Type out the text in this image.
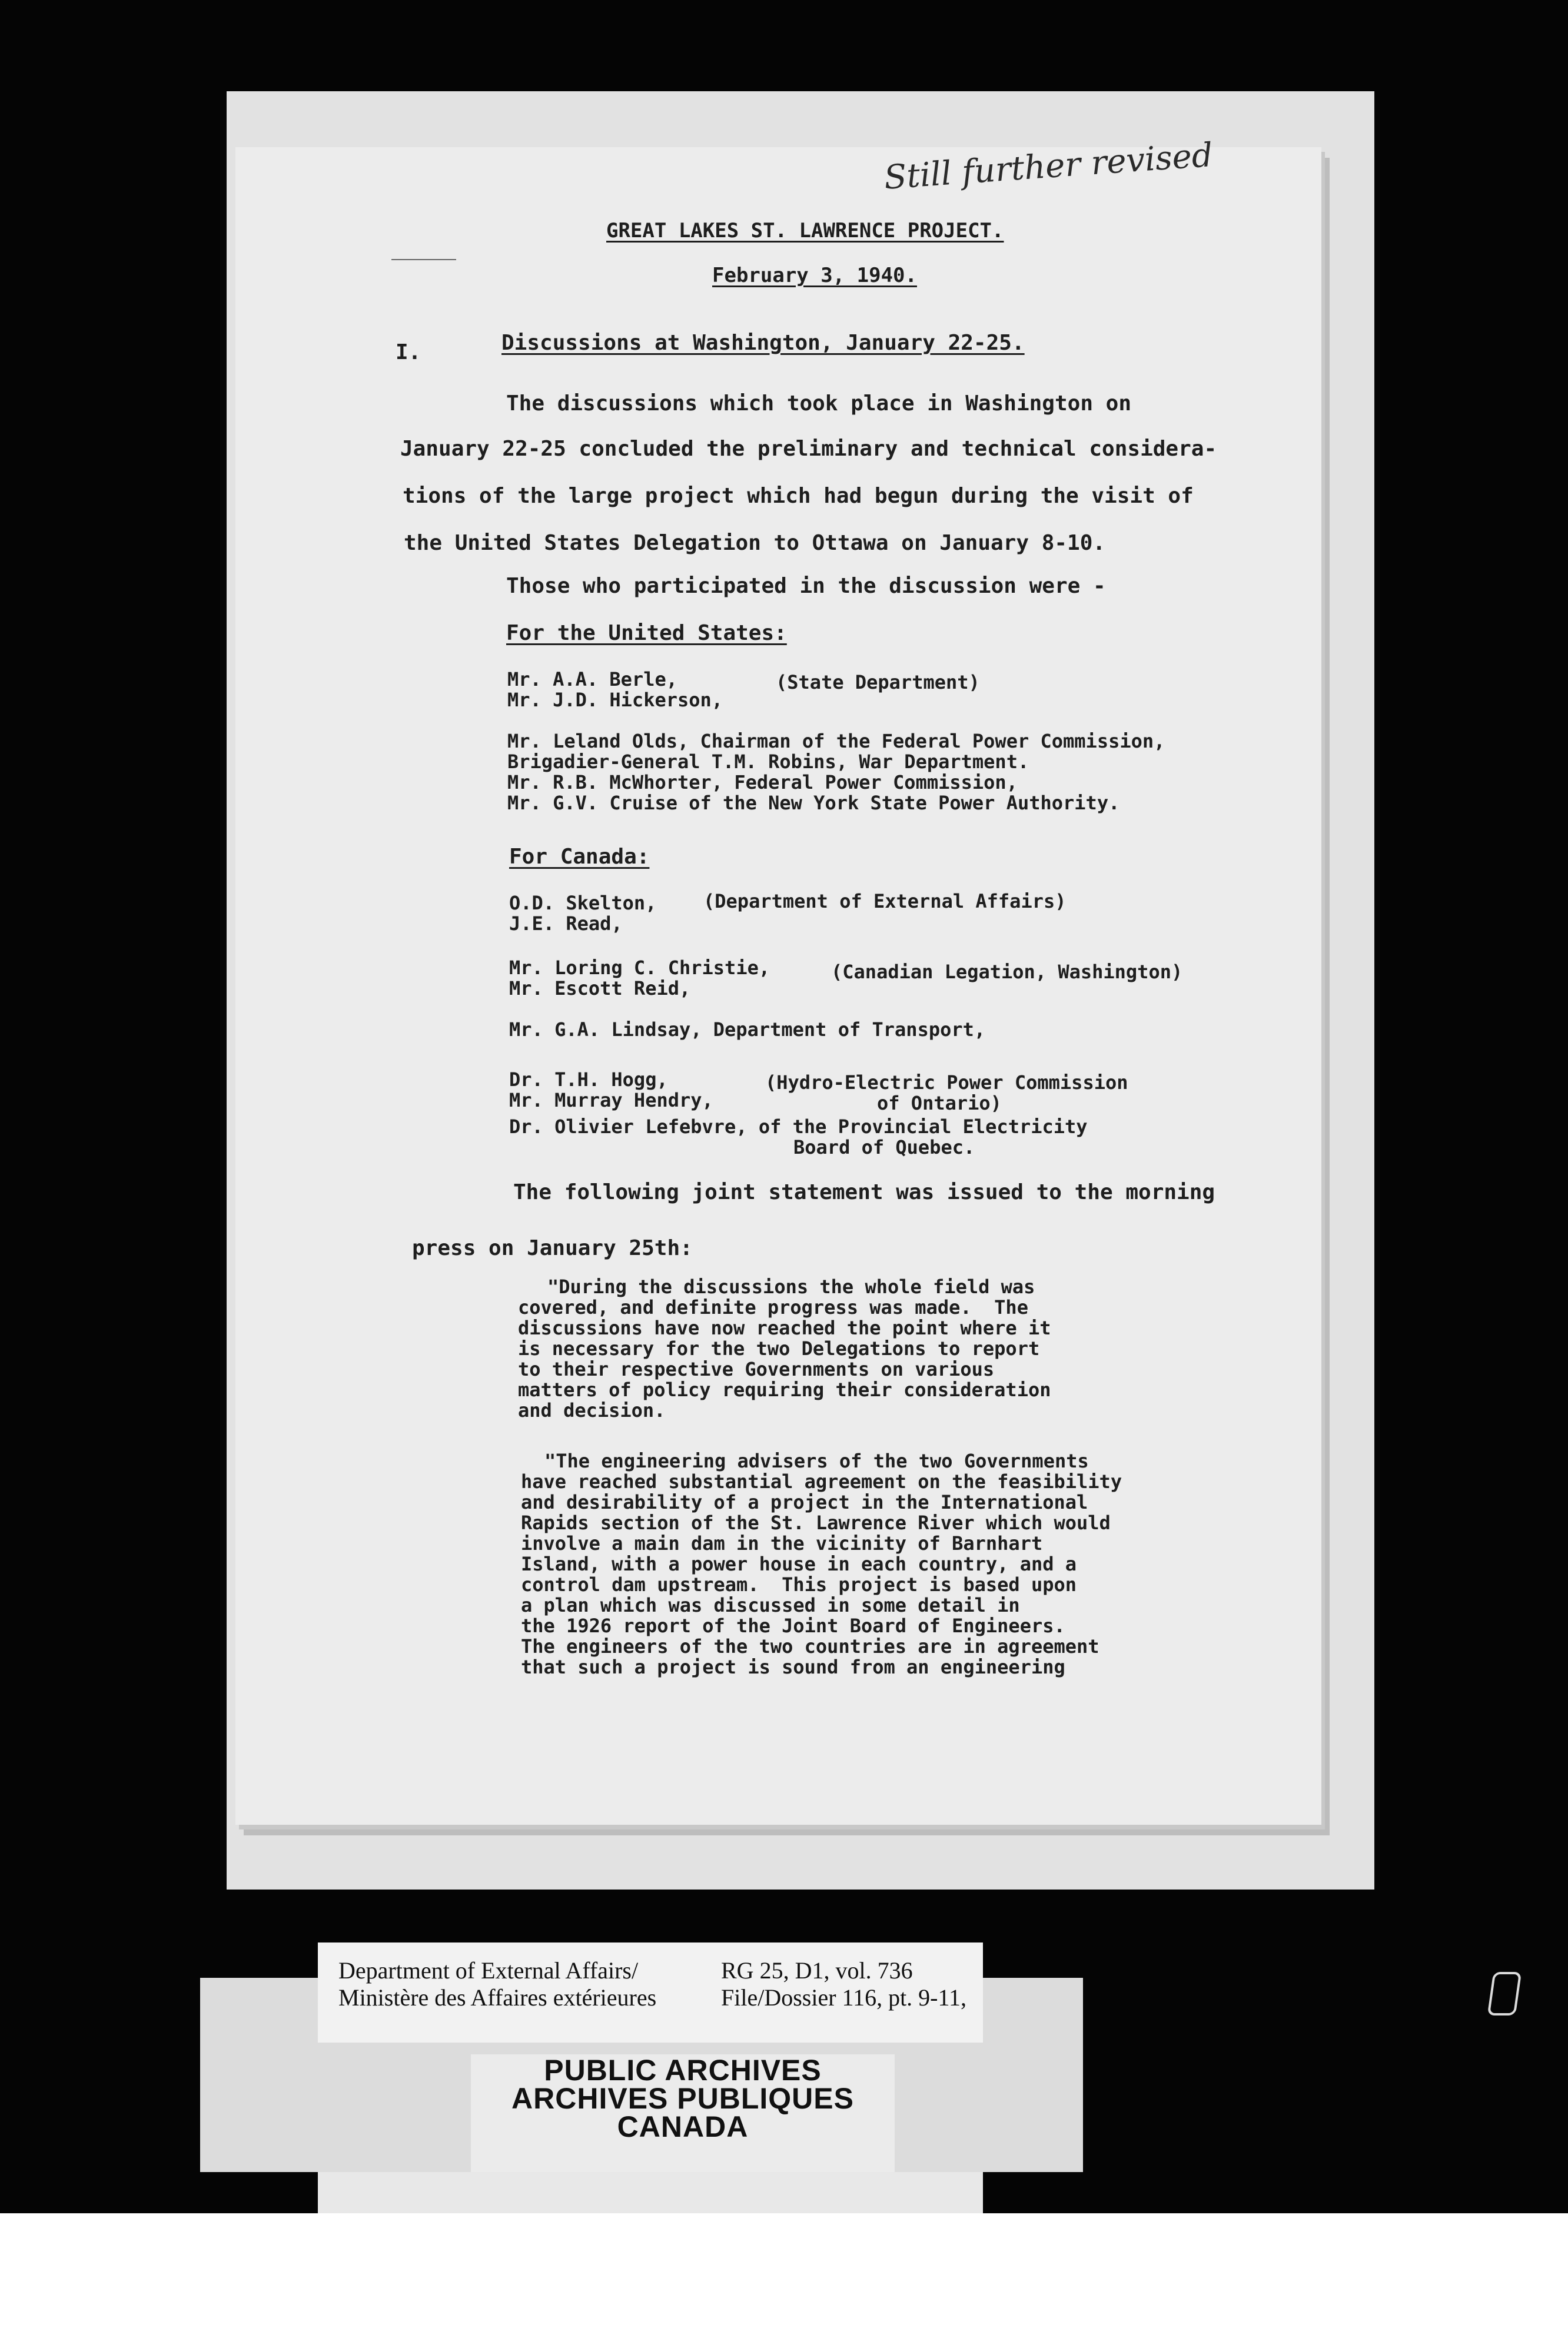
Still further revised
GREAT LAKES ST. LAWRENCE PROJECT.
February 3, 1940.
I.	Discussions at Washington, January 22-25.
The discussions which took place in Washington on
January 22-25 concluded the preliminary and technical considera-
tions of the large project which had begun during the visit of
the United States Delegation to Ottawa on January 8-10.
Those who participated in the discussion were -
For the United States:
Mr. A.A. Berle,
Mr. J.D. Hickerson,
(State Department)
Mr. Leland Olds, Chairman of the Federal Power Commission,
Brigadier-General T.M. Robins, War Department.
Mr. R.B. McWhorter, Federal Power Commission,
Mr. G.V. Cruise of the New York State Power Authority.
For Canada:
O.D. Skelton,
J.E. Read,
(Department of External Affairs)
Mr. Loring C. Christie,
Mr. Escott Reid,
(Canadian Legation, Washington)
Mr. G.A. Lindsay, Department of Transport,
Dr. T.H. Hogg,
Mr. Murray Hendry,
(Hydro-Electric Power Commission
of Ontario)
Dr. Olivier Lefebvre, of the Provincial Electricity
Board of Quebec.
The following joint statement was issued to the morning
press on January 25th:
"During the discussions the whole field was
covered, and definite progress was made.  The
discussions have now reached the point where it
is necessary for the two Delegations to report
to their respective Governments on various
matters of policy requiring their consideration
and decision.
"The engineering advisers of the two Governments
have reached substantial agreement on the feasibility
and desirability of a project in the International
Rapids section of the St. Lawrence River which would
involve a main dam in the vicinity of Barnhart
Island, with a power house in each country, and a
control dam upstream.  This project is based upon
a plan which was discussed in some detail in
the 1926 report of the Joint Board of Engineers.
The engineers of the two countries are in agreement
that such a project is sound from an engineering
Department of External Affairs/
Ministère des Affaires extérieures
RG 25, D1, vol. 736
File/Dossier 116, pt. 9-11,
PUBLIC ARCHIVES
ARCHIVES PUBLIQUES
CANADA
